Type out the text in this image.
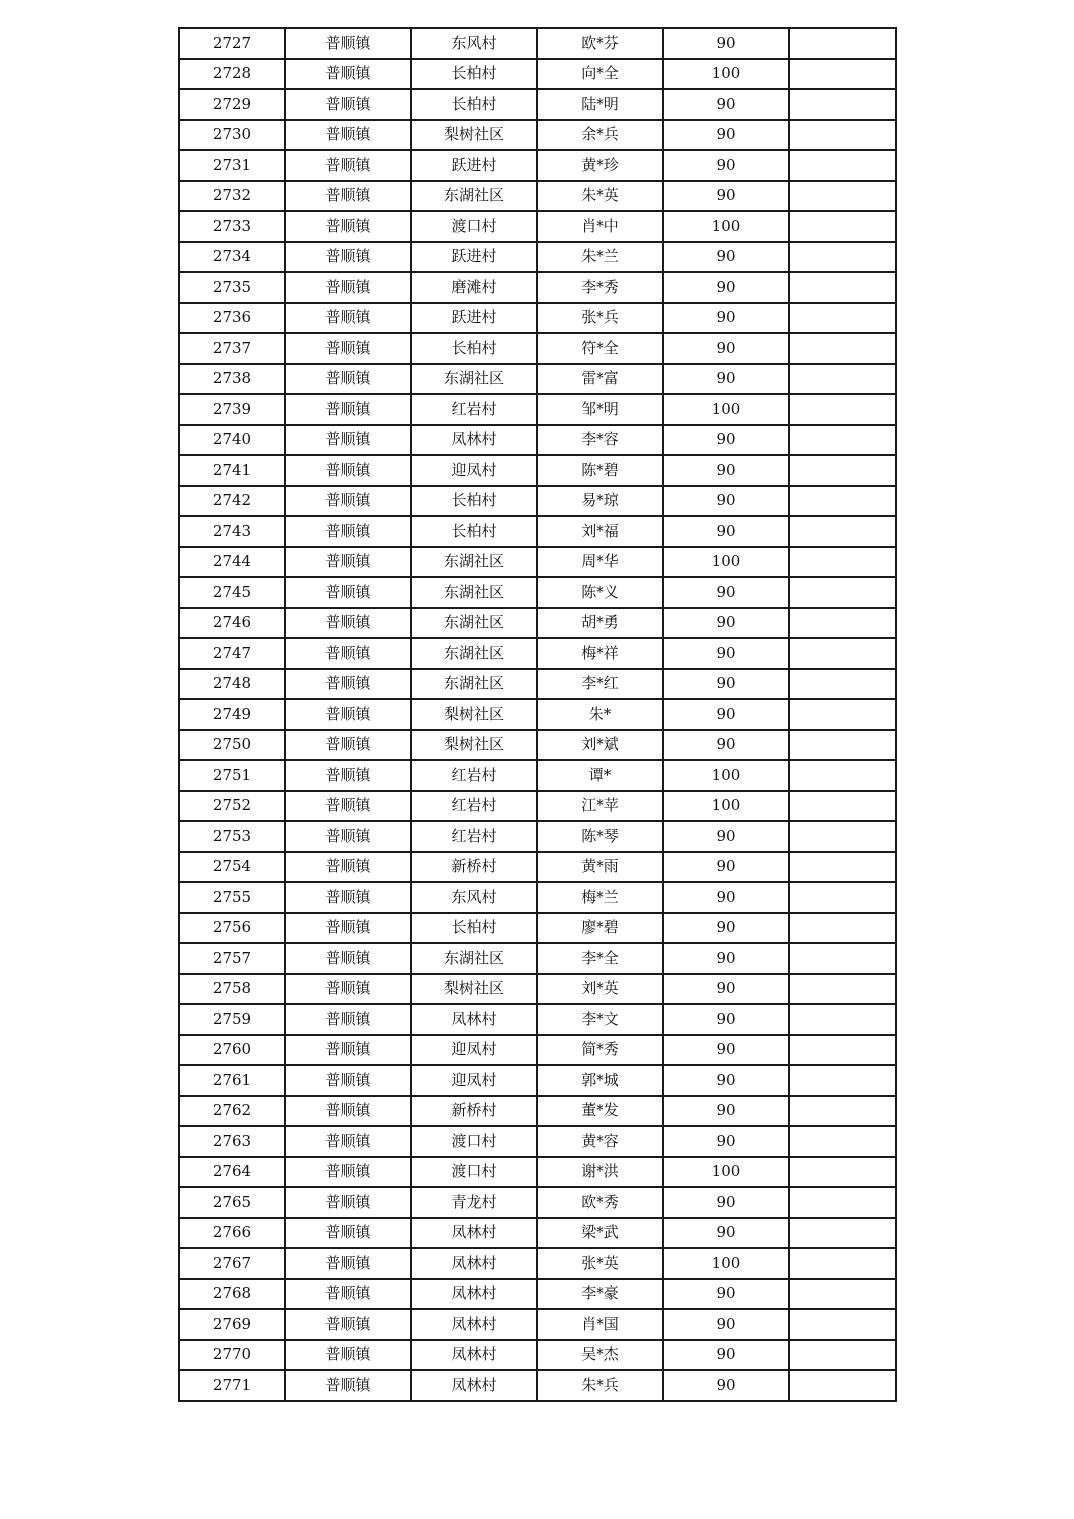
2727	普顺镇	东风村	欧*芬	90	
2728	普顺镇	长柏村	向*全	100	
2729	普顺镇	长柏村	陆*明	90	
2730	普顺镇	梨树社区	余*兵	90	
2731	普顺镇	跃进村	黄*珍	90	
2732	普顺镇	东湖社区	朱*英	90	
2733	普顺镇	渡口村	肖*中	100	
2734	普顺镇	跃进村	朱*兰	90	
2735	普顺镇	磨滩村	李*秀	90	
2736	普顺镇	跃进村	张*兵	90	
2737	普顺镇	长柏村	符*全	90	
2738	普顺镇	东湖社区	雷*富	90	
2739	普顺镇	红岩村	邹*明	100	
2740	普顺镇	凤林村	李*容	90	
2741	普顺镇	迎凤村	陈*碧	90	
2742	普顺镇	长柏村	易*琼	90	
2743	普顺镇	长柏村	刘*福	90	
2744	普顺镇	东湖社区	周*华	100	
2745	普顺镇	东湖社区	陈*义	90	
2746	普顺镇	东湖社区	胡*勇	90	
2747	普顺镇	东湖社区	梅*祥	90	
2748	普顺镇	东湖社区	李*红	90	
2749	普顺镇	梨树社区	朱*	90	
2750	普顺镇	梨树社区	刘*斌	90	
2751	普顺镇	红岩村	谭*	100	
2752	普顺镇	红岩村	江*苹	100	
2753	普顺镇	红岩村	陈*琴	90	
2754	普顺镇	新桥村	黄*雨	90	
2755	普顺镇	东风村	梅*兰	90	
2756	普顺镇	长柏村	廖*碧	90	
2757	普顺镇	东湖社区	李*全	90	
2758	普顺镇	梨树社区	刘*英	90	
2759	普顺镇	凤林村	李*文	90	
2760	普顺镇	迎凤村	简*秀	90	
2761	普顺镇	迎凤村	郭*城	90	
2762	普顺镇	新桥村	董*发	90	
2763	普顺镇	渡口村	黄*容	90	
2764	普顺镇	渡口村	谢*洪	100	
2765	普顺镇	青龙村	欧*秀	90	
2766	普顺镇	凤林村	梁*武	90	
2767	普顺镇	凤林村	张*英	100	
2768	普顺镇	凤林村	李*豪	90	
2769	普顺镇	凤林村	肖*国	90	
2770	普顺镇	凤林村	吴*杰	90	
2771	普顺镇	凤林村	朱*兵	90	
